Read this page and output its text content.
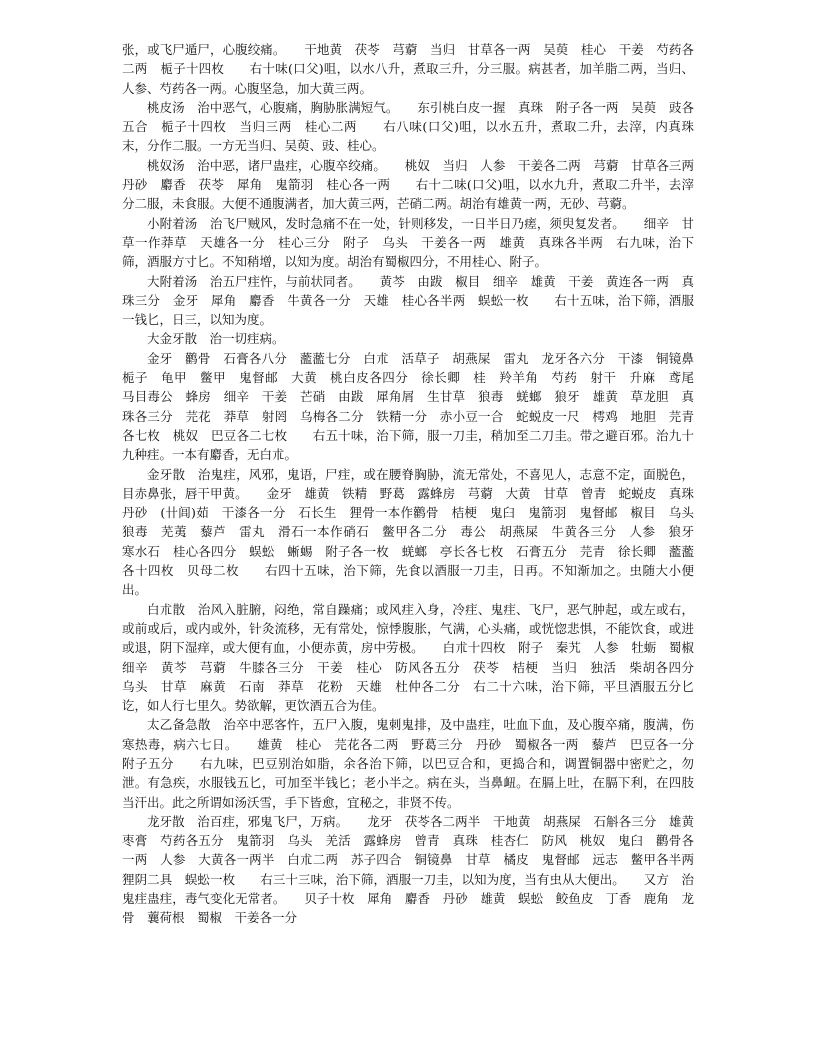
张，或飞尸遁尸，心腹绞痛。　　干地黄　茯苓　芎藭　当归　甘草各一两　吴萸　桂心　干姜　芍药各二两　栀子十四枚　　右十味(口父)咀，以水八升，煮取三升，分三服。病甚者，加羊脂二两，当归、人参、芍药各一两。心腹坚急，加大黄三两。

桃皮汤　治中恶气，心腹痛，胸胁胀满短气。　　东引桃白皮一握　真珠　附子各一两　吴萸　豉各五合　栀子十四枚　当归三两　桂心二两　　右八味(口父)咀，以水五升，煮取二升，去滓，内真珠末，分作二服。一方无当归、吴萸、豉、桂心。

桃奴汤　治中恶，诸尸蛊疰，心腹卒绞痛。　　桃奴　当归　人参　干姜各二两　芎藭　甘草各三两　丹砂　麝香　茯苓　犀角　鬼箭羽　桂心各一两　　右十二味(口父)咀，以水九升，煮取二升半，去滓分二服，未食服。大便不通腹满者，加大黄三两，芒硝二两。胡治有雄黄一两，无砂、芎藭。

小附着汤　治飞尸贼风，发时急痛不在一处，针则移发，一日半日乃瘥，须臾复发者。　　细辛　甘草一作莽草　天雄各一分　桂心三分　附子　乌头　干姜各一两　雄黄　真珠各半两　右九味，治下筛，酒服方寸匕。不知稍增，以知为度。胡治有蜀椒四分，不用桂心、附子。

大附着汤　治五尸疰忤，与前状同者。　　黄芩　由跋　椒目　细辛　雄黄　干姜　黄连各一两　真珠三分　金牙　犀角　麝香　牛黄各一分　天雄　桂心各半两　蜈蚣一枚　　右十五味，治下筛，酒服一钱匕，日三，以知为度。

大金牙散　治一切疰病。

金牙　鹳骨　石膏各八分　蘫蘫七分　白朮　活草子　胡燕屎　雷丸　龙牙各六分　干漆　铜镜鼻　栀子　龟甲　鳖甲　鬼督邮　大黄　桃白皮各四分　徐长卿　桂　羚羊角　芍药　射干　升麻　鸢尾　马目毒公　蜂房　细辛　干姜　芒硝　由跋　犀角屑　生甘草　狼毒　蜣螂　狼牙　雄黄　草龙胆　真珠各三分　芫花　莽草　射罔　乌梅各二分　铁精一分　赤小豆一合　蛇蜕皮一尺　樗鸡　地胆　芫青各七枚　桃奴　巴豆各二七枚　　右五十味，治下筛，服一刀圭，稍加至二刀圭。带之避百邪。治九十九种疰。一本有麝香，无白朮。

金牙散　治鬼疰，风邪，鬼语，尸疰，或在腰脊胸胁，流无常处，不喜见人，志意不定，面脱色，目赤鼻张，唇干甲黄。　　金牙　雄黄　铁精　野葛　露蜂房　芎藭　大黄　甘草　曾青　蛇蜕皮　真珠　丹砂　(卄闾)茹　干漆各一分　石长生　狸骨一本作鹳骨　桔梗　鬼臼　鬼箭羽　鬼督邮　椒目　乌头　狼毒　芜荑　藜芦　雷丸　滑石一本作硝石　鳖甲各二分　毒公　胡燕屎　牛黄各三分　人参　狼牙　寒水石　桂心各四分　蜈蚣　蜥蜴　附子各一枚　蜣螂　亭长各七枚　石膏五分　芫青　徐长卿　蘫蘫各十四枚　贝母二枚　　右四十五味，治下筛，先食以酒服一刀圭，日再。不知渐加之。虫随大小便出。

白朮散　治风入脏腑，闷绝，常自躁痛；或风疰入身，冷疰、鬼疰、飞尸，恶气肿起，或左或右，或前或后，或内或外，针灸流移，无有常处，惊悸腹胀，气满，心头痛，或恍惚悲惧，不能饮食，或进或退，阴下湿痒，或大便有血，小便赤黄，房中劳极。　　白朮十四枚　附子　秦艽　人参　牡蛎　蜀椒　细辛　黄芩　芎藭　牛膝各三分　干姜　桂心　防风各五分　茯苓　桔梗　当归　独活　柴胡各四分　乌头　甘草　麻黄　石南　莽草　花粉　天雄　杜仲各二分　右二十六味，治下筛，平旦酒服五分匕讫，如人行七里久。势欲解，更饮酒五合为佳。

太乙备急散　治卒中恶客忤，五尸入腹，鬼刺鬼排，及中蛊疰，吐血下血，及心腹卒痛，腹满，伤寒热毒，病六七日。　　雄黄　桂心　芫花各二两　野葛三分　丹砂　蜀椒各一两　藜芦　巴豆各一分　附子五分　　右九味，巴豆别治如脂，余各治下筛，以巴豆合和，更捣合和，调置铜器中密贮之，勿泄。有急疾，水服钱五匕，可加至半钱匕；老小半之。病在头，当鼻衄。在膈上吐，在膈下利，在四肢当汗出。此之所谓如汤沃雪，手下皆愈，宜秘之，非贤不传。

龙牙散　治百疰，邪鬼飞尸，万病。　　龙牙　茯苓各二两半　干地黄　胡燕屎　石斛各三分　雄黄　枣膏　芍药各五分　鬼箭羽　乌头　羌活　露蜂房　曾青　真珠　桂杏仁　防风　桃奴　鬼臼　鹳骨各一两　人参　大黄各一两半　白朮二两　苏子四合　铜镜鼻　甘草　橘皮　鬼督邮　远志　鳖甲各半两　狸阴二具　蜈蚣一枚　　右三十三味，治下筛，酒服一刀圭，以知为度，当有虫从大便出。　　又方　治鬼疰蛊疰，毒气变化无常者。　　贝子十枚　犀角　麝香　丹砂　雄黄　蜈蚣　鲛鱼皮　丁香　鹿角　龙骨　蘘荷根　蜀椒　干姜各一分
